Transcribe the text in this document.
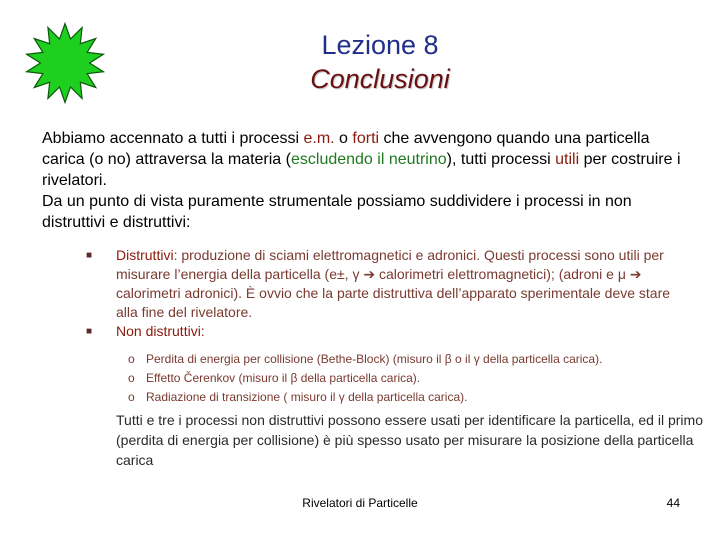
Lezione 8
Conclusioni

Abbiamo accennato a tutti i processi e.m. o forti che avvengono quando una particella carica (o no) attraversa la materia (escludendo il neutrino), tutti processi utili per costruire i rivelatori.

Da un punto di vista puramente strumentale possiamo suddividere i processi in non distruttivi e distruttivi:

■ Distruttivi: produzione di sciami elettromagnetici e adronici. Questi processi sono utili per misurare l’energia della particella (e±, γ ➔ calorimetri elettromagnetici); (adroni e μ ➔ calorimetri adronici). È ovvio che la parte distruttiva dell’apparato sperimentale deve stare alla fine del rivelatore.
■ Non distruttivi:
o Perdita di energia per collisione (Bethe-Block) (misuro il β o il γ della particella carica).
o Effetto Čerenkov (misuro il β della particella carica).
o Radiazione di transizione ( misuro il γ della particella carica).
Tutti e tre i processi non distruttivi possono essere usati per identificare la particella, ed il primo (perdita di energia per collisione) è più spesso usato per misurare la posizione della particella carica
Rivelatori di Particelle	44
